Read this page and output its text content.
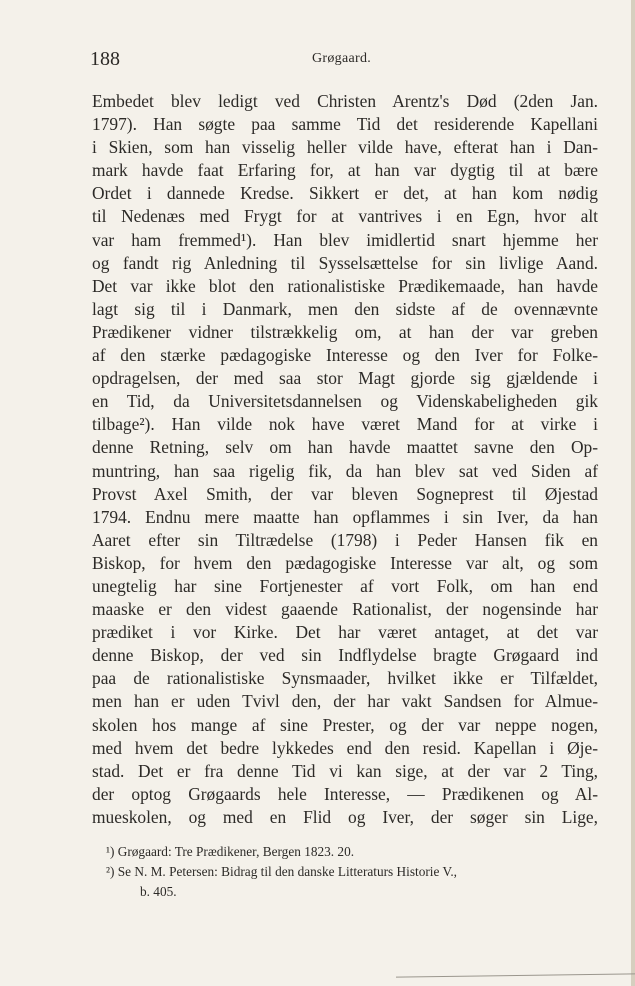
188	Grøgaard.
Embedet blev ledigt ved Christen Arentz's Død (2den Jan.
1797). Han søgte paa samme Tid det residerende Kapellani
i Skien, som han visselig heller vilde have, efterat han i Dan-
mark havde faat Erfaring for, at han var dygtig til at bære
Ordet i dannede Kredse. Sikkert er det, at han kom nødig
til Nedenæs med Frygt for at vantrives i en Egn, hvor alt
var ham fremmed¹). Han blev imidlertid snart hjemme her
og fandt rig Anledning til Sysselsættelse for sin livlige Aand.
Det var ikke blot den rationalistiske Prædikemaade, han havde
lagt sig til i Danmark, men den sidste af de ovennævnte
Prædikener vidner tilstrækkelig om, at han der var greben
af den stærke pædagogiske Interesse og den Iver for Folke-
opdragelsen, der med saa stor Magt gjorde sig gjældende i
en Tid, da Universitetsdannelsen og Videnskabeligheden gik
tilbage²). Han vilde nok have været Mand for at virke i
denne Retning, selv om han havde maattet savne den Op-
muntring, han saa rigelig fik, da han blev sat ved Siden af
Provst Axel Smith, der var bleven Sogneprest til Øjestad
1794. Endnu mere maatte han opflammes i sin Iver, da han
Aaret efter sin Tiltrædelse (1798) i Peder Hansen fik en
Biskop, for hvem den pædagogiske Interesse var alt, og som
unegtelig har sine Fortjenester af vort Folk, om han end
maaske er den videst gaaende Rationalist, der nogensinde har
prædiket i vor Kirke. Det har været antaget, at det var
denne Biskop, der ved sin Indflydelse bragte Grøgaard ind
paa de rationalistiske Synsmaader, hvilket ikke er Tilfældet,
men han er uden Tvivl den, der har vakt Sandsen for Almue-
skolen hos mange af sine Prester, og der var neppe nogen,
med hvem det bedre lykkedes end den resid. Kapellan i Øje-
stad. Det er fra denne Tid vi kan sige, at der var 2 Ting,
der optog Grøgaards hele Interesse, — Prædikenen og Al-
mueskolen, og med en Flid og Iver, der søger sin Lige,
¹) Grøgaard: Tre Prædikener, Bergen 1823. 20.
²) Se N. M. Petersen: Bidrag til den danske Litteraturs Historie V.,
b. 405.
